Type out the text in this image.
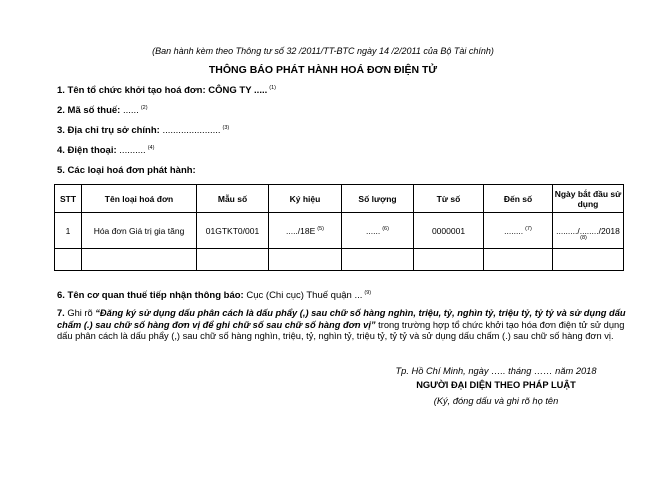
(Ban hành kèm theo Thông tư số 32 /2011/TT-BTC ngày 14 /2/2011 của Bộ Tài chính)
THÔNG BÁO PHÁT HÀNH HOÁ ĐƠN ĐIỆN TỬ
1. Tên tổ chức khởi tạo hoá đơn: CÔNG TY ..... $^{(1)}$
2. Mã số thuế: ...... $^{(2)}$
3. Địa chỉ trụ sở chính: ...................... $^{(3)}$
4. Điện thoại: .......... $^{(4)}$
5. Các loại hoá đơn phát hành:
STT	Tên loại hoá đơn	Mẫu số	Ký hiệu	Số lượng	Từ số	Đến số	Ngày bắt đầu sử dụng
1	Hóa đơn Giá trị gia tăng	01GTKT0/001	...../18E $^{(5)}$	...... $^{(6)}$	0000001	........ $^{(7)}$	........./......../2018
(8)

6. Tên cơ quan thuế tiếp nhận thông báo: Cục (Chi cục) Thuế quận ... $^{(9)}$
7. Ghi rõ “Đăng ký sử dụng dấu phân cách là dấu phẩy (,) sau chữ số hàng nghìn, triệu, tỷ, nghìn tỷ, triệu tỷ, tỷ tỷ và sử dụng dấu chấm (.) sau chữ số hàng đơn vị để ghi chữ số sau chữ số hàng đơn vị” trong trường hợp tổ chức khởi tạo hóa đơn điện tử sử dụng dấu phân cách là dấu phẩy (,) sau chữ số hàng nghìn, triệu, tỷ, nghìn tỷ, triệu tỷ, tỷ tỷ và sử dụng dấu chấm (.) sau chữ số hàng đơn vị.
Tp. Hồ Chí Minh, ngày ….. tháng …… năm 2018
NGƯỜI ĐẠI DIỆN THEO PHÁP LUẬT
(Ký, đóng dấu và ghi rõ họ tên
